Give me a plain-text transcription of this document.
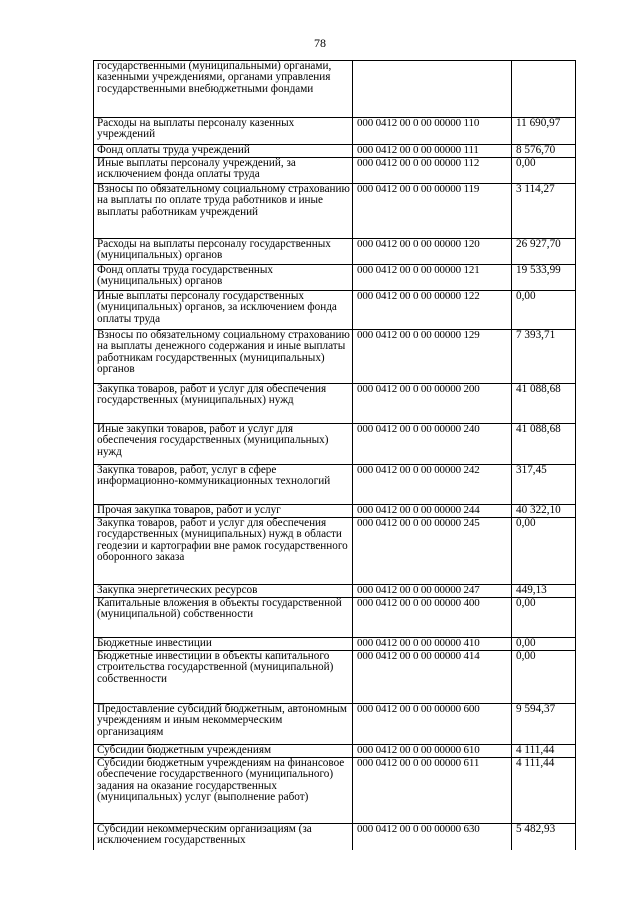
78
государственными (муниципальными) органами, казенными учреждениями, органами управления государственными внебюджетными фондами		
Расходы на выплаты персоналу казенных учреждений	000 0412 00 0 00 00000 110	11 690,97
Фонд оплаты труда учреждений	000 0412 00 0 00 00000 111	8 576,70
Иные выплаты персоналу учреждений, за исключением фонда оплаты труда	000 0412 00 0 00 00000 112	0,00
Взносы по обязательному социальному страхованию на выплаты по оплате труда работников и иные выплаты работникам учреждений	000 0412 00 0 00 00000 119	3 114,27
Расходы на выплаты персоналу государственных (муниципальных) органов	000 0412 00 0 00 00000 120	26 927,70
Фонд оплаты труда государственных (муниципальных) органов	000 0412 00 0 00 00000 121	19 533,99
Иные выплаты персоналу государственных (муниципальных) органов, за исключением фонда оплаты труда	000 0412 00 0 00 00000 122	0,00
Взносы по обязательному социальному страхованию на выплаты денежного содержания и иные выплаты работникам государственных (муниципальных) органов	000 0412 00 0 00 00000 129	7 393,71
Закупка товаров, работ и услуг для обеспечения государственных (муниципальных) нужд	000 0412 00 0 00 00000 200	41 088,68
Иные закупки товаров, работ и услуг для обеспечения государственных (муниципальных) нужд	000 0412 00 0 00 00000 240	41 088,68
Закупка товаров, работ, услуг в сфере информационно-коммуникационных технологий	000 0412 00 0 00 00000 242	317,45
Прочая закупка товаров, работ и услуг	000 0412 00 0 00 00000 244	40 322,10
Закупка товаров, работ и услуг для обеспечения государственных (муниципальных) нужд в области геодезии и картографии вне рамок государственного оборонного заказа	000 0412 00 0 00 00000 245	0,00
Закупка энергетических ресурсов	000 0412 00 0 00 00000 247	449,13
Капитальные вложения в объекты государственной (муниципальной) собственности	000 0412 00 0 00 00000 400	0,00
Бюджетные инвестиции	000 0412 00 0 00 00000 410	0,00
Бюджетные инвестиции в объекты капитального строительства государственной (муниципальной) собственности	000 0412 00 0 00 00000 414	0,00
Предоставление субсидий бюджетным, автономным учреждениям и иным некоммерческим организациям	000 0412 00 0 00 00000 600	9 594,37
Субсидии бюджетным учреждениям	000 0412 00 0 00 00000 610	4 111,44
Субсидии бюджетным учреждениям на финансовое обеспечение государственного (муниципального) задания на оказание государственных (муниципальных) услуг (выполнение работ)	000 0412 00 0 00 00000 611	4 111,44
Субсидии некоммерческим организациям (за исключением государственных	000 0412 00 0 00 00000 630	5 482,93
